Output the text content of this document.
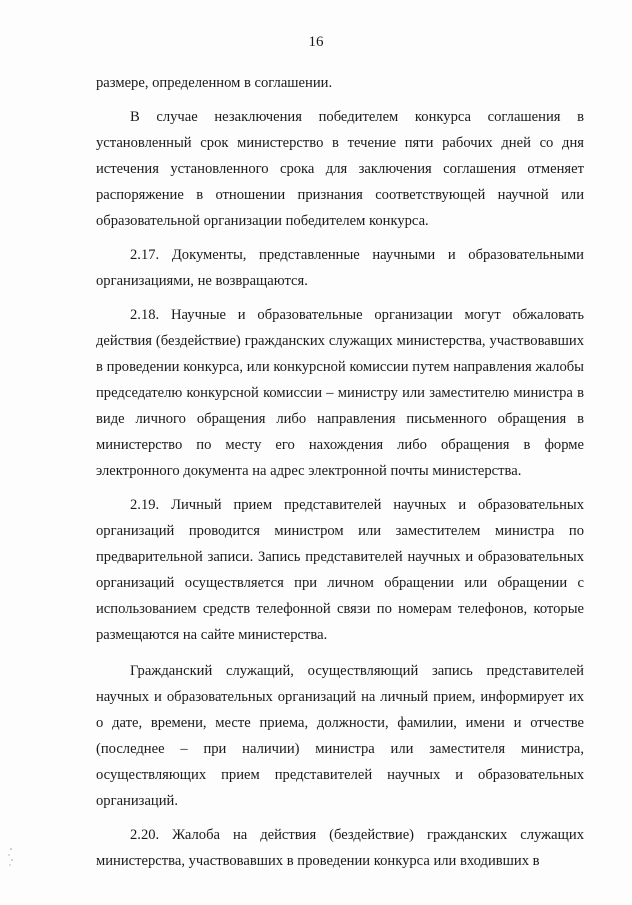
16

размере, определенном в соглашении.

В случае незаключения победителем конкурса соглашения в установленный срок министерство в течение пяти рабочих дней со дня истечения установленного срока для заключения соглашения отменяет распоряжение в отношении признания соответствующей научной или образовательной организации победителем конкурса.

2.17. Документы, представленные научными и образовательными организациями, не возвращаются.

2.18. Научные и образовательные организации могут обжаловать действия (бездействие) гражданских служащих министерства, участвовавших в проведении конкурса, или конкурсной комиссии путем направления жалобы председателю конкурсной комиссии – министру или заместителю министра в виде личного обращения либо направления письменного обращения в министерство по месту его нахождения либо обращения в форме электронного документа на адрес электронной почты министерства.

2.19. Личный прием представителей научных и образовательных организаций проводится министром или заместителем министра по предварительной записи. Запись представителей научных и образовательных организаций осуществляется при личном обращении или обращении с использованием средств телефонной связи по номерам телефонов, которые размещаются на сайте министерства.

Гражданский служащий, осуществляющий запись представителей научных и образовательных организаций на личный прием, информирует их о дате, времени, месте приема, должности, фамилии, имени и отчестве (последнее – при наличии) министра или заместителя министра, осуществляющих прием представителей научных и образовательных организаций.

2.20. Жалоба на действия (бездействие) гражданских служащих министерства, участвовавших в проведении конкурса или входивших в
